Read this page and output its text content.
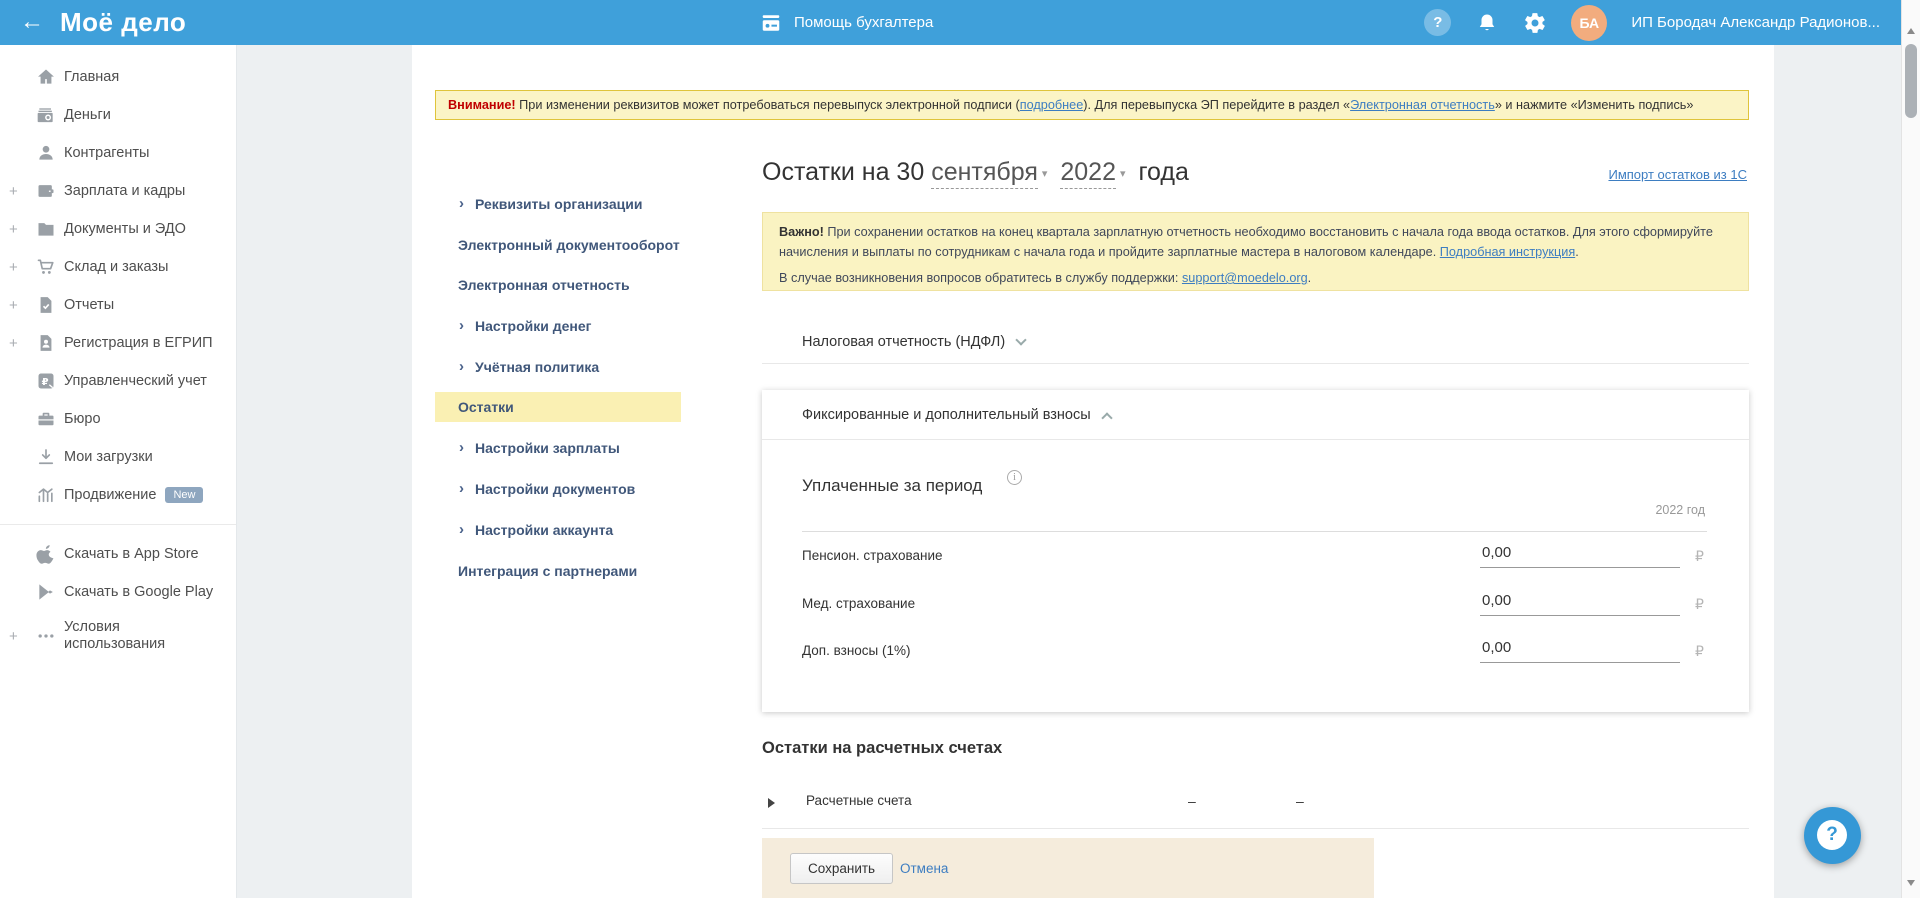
← Моё дело	Помощь бухгалтера	?	БА	ИП Бородач Александр Радионов...
Главная
Деньги
Контрагенты
+	Зарплата и кадры
+	Документы и ЭДО
+	Склад и заказы
+	Отчеты
+	Регистрация в ЕГРИП
₽ Управленческий учет
Бюро
Мои загрузки
Продвижение	New
Скачать в App Store
Скачать в Google Play
+
Условия использования
Внимание! При изменении реквизитов может потребоваться перевыпуск электронной подписи (подробнее). Для перевыпуска ЭП перейдите в раздел «Электронная отчетность» и нажмите «Изменить подпись»
› Реквизиты организации
Электронный документооборот
Электронная отчетность
› Настройки денег
› Учётная политика
Остатки
› Настройки зарплаты
› Настройки документов
› Настройки аккаунта
Интеграция с партнерами
Остатки на 30 сентября ▾ 2022 ▾ года	Импорт остатков из 1С

Важно! При сохранении остатков на конец квартала зарплатную отчетность необходимо восстановить с начала года ввода остатков. Для этого сформируйте начисления и выплаты по сотрудникам с начала года и пройдите зарплатные мастера в налоговом календаре. Подробная инструкция.

В случае возникновения вопросов обратитесь в службу поддержки: support@moedelo.org.

Налоговая отчетность (НДФЛ)
Фиксированные и дополнительный взносы
Уплаченные за период	i
2022 год
Пенсион. страхование
0,00	₽
Мед. страхование
0,00	₽
Доп. взносы (1%)
0,00	₽
Остатки на расчетных счетах
Расчетные счета	–	–
Сохранить	Отмена
?
